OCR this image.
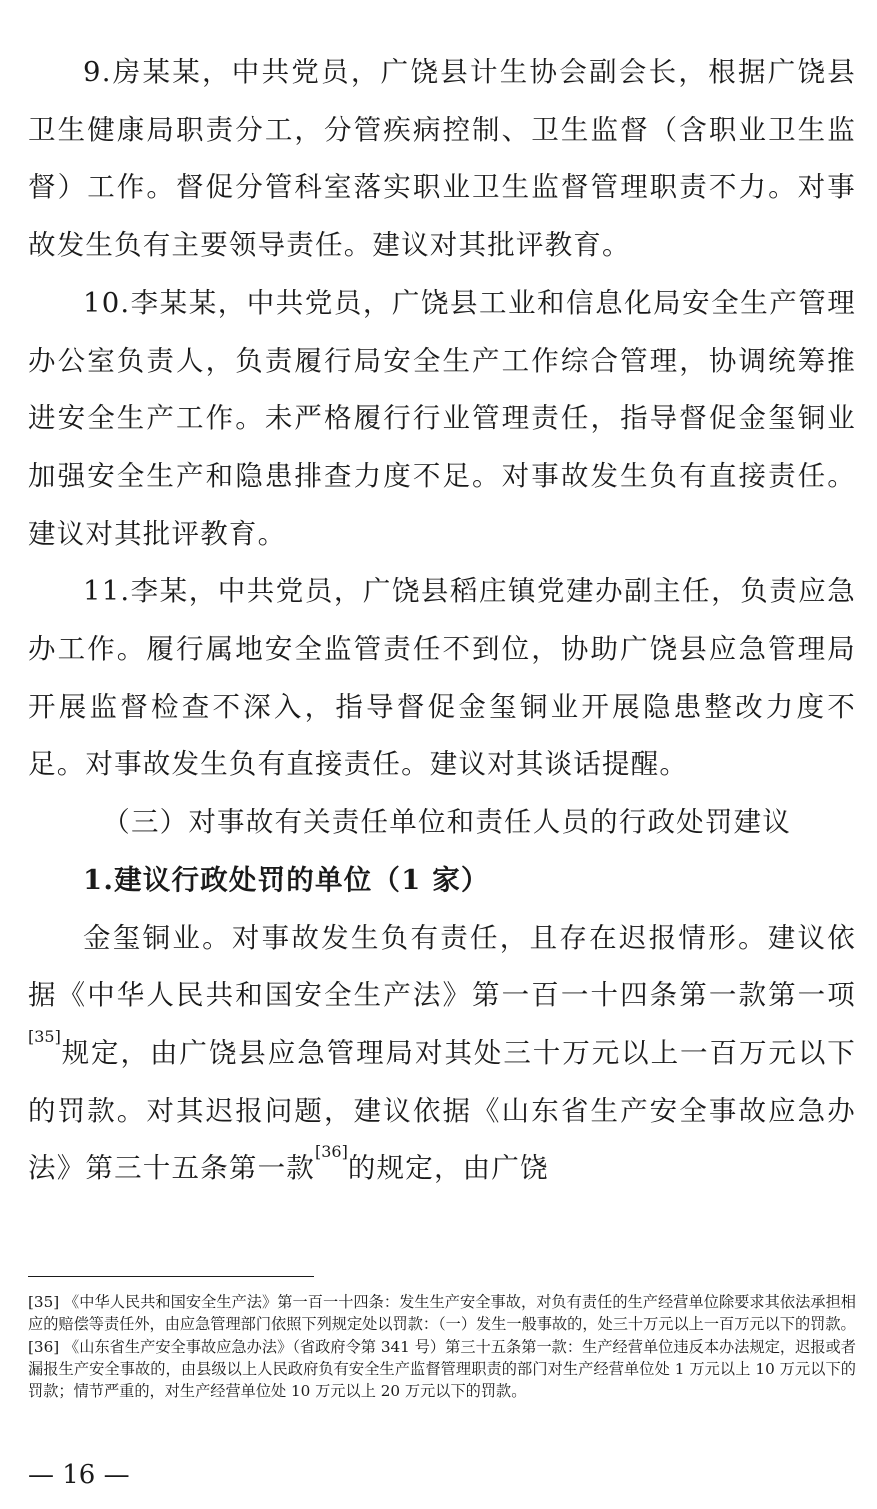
9.房某某，中共党员，广饶县计生协会副会长，根据广饶县卫生健康局职责分工，分管疾病控制、卫生监督（含职业卫生监督）工作。督促分管科室落实职业卫生监督管理职责不力。对事故发生负有主要领导责任。建议对其批评教育。

10.李某某，中共党员，广饶县工业和信息化局安全生产管理办公室负责人，负责履行局安全生产工作综合管理，协调统筹推进安全生产工作。未严格履行行业管理责任，指导督促金玺铜业加强安全生产和隐患排查力度不足。对事故发生负有直接责任。建议对其批评教育。

11.李某，中共党员，广饶县稻庄镇党建办副主任，负责应急办工作。履行属地安全监管责任不到位，协助广饶县应急管理局开展监督检查不深入，指导督促金玺铜业开展隐患整改力度不足。对事故发生负有直接责任。建议对其谈话提醒。

（三）对事故有关责任单位和责任人员的行政处罚建议

1.建议行政处罚的单位（1 家）

金玺铜业。对事故发生负有责任，且存在迟报情形。建议依据《中华人民共和国安全生产法》第一百一十四条第一款第一项[35]规定，由广饶县应急管理局对其处三十万元以上一百万元以下的罚款。对其迟报问题，建议依据《山东省生产安全事故应急办法》第三十五条第一款[36]的规定，由广饶

[35] 《中华人民共和国安全生产法》第一百一十四条：发生生产安全事故，对负有责任的生产经营单位除要求其依法承担相应的赔偿等责任外，由应急管理部门依照下列规定处以罚款：（一）发生一般事故的，处三十万元以上一百万元以下的罚款。

[36] 《山东省生产安全事故应急办法》（省政府令第 341 号）第三十五条第一款：生产经营单位违反本办法规定，迟报或者漏报生产安全事故的，由县级以上人民政府负有安全生产监督管理职责的部门对生产经营单位处 1 万元以上 10 万元以下的罚款；情节严重的，对生产经营单位处 10 万元以上 20 万元以下的罚款。

— 16 —
